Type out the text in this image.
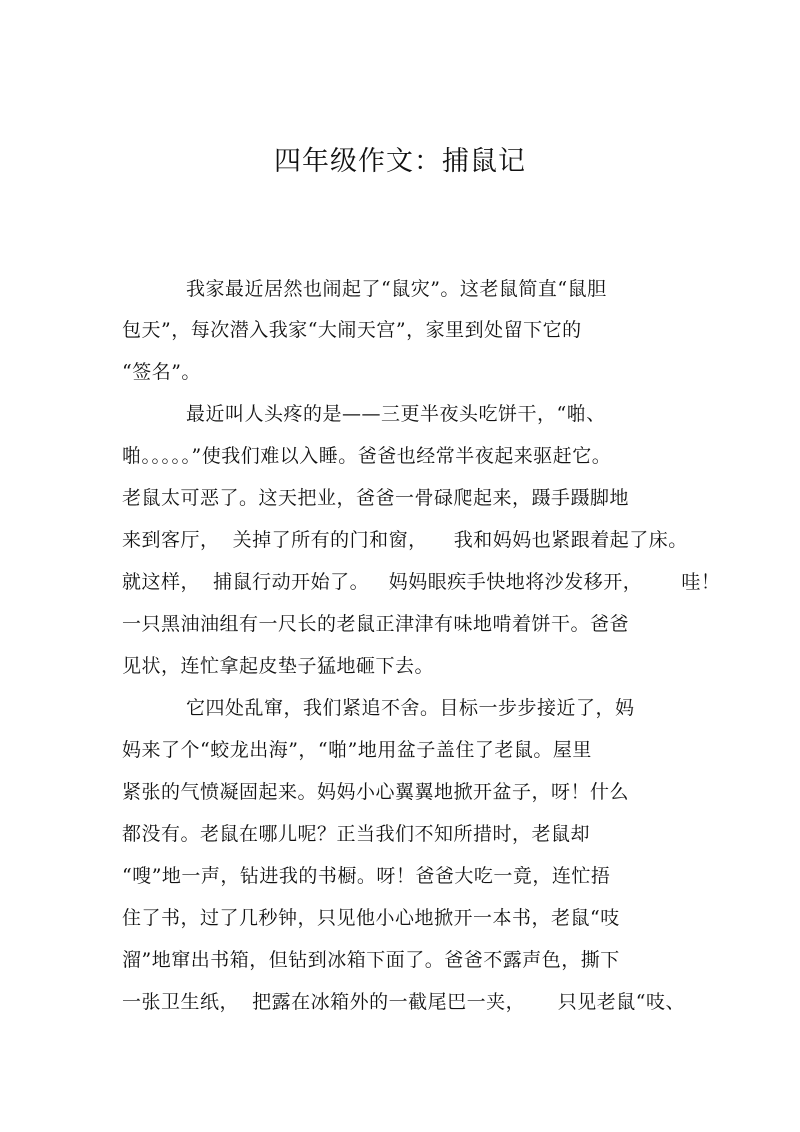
四年级作文：捕鼠记
我家最近居然也闹起了“鼠灾”。这老鼠简直“鼠胆
包天”，每次潜入我家“大闹天宫”，家里到处留下它的
“签名”。
最近叫人头疼的是——三更半夜头吃饼干，“啪、
啪。。。。。”使我们难以入睡。爸爸也经常半夜起来驱赶它。
老鼠太可恶了。这天把业，爸爸一骨碌爬起来，蹑手蹑脚地
来到客厅，  关掉了所有的门和窗，    我和妈妈也紧跟着起了床。
就这样，  捕鼠行动开始了。   妈妈眼疾手快地将沙发移开，      哇！
一只黑油油组有一尺长的老鼠正津津有味地啃着饼干。爸爸
见状，连忙拿起皮垫子猛地砸下去。
它四处乱窜，我们紧追不舍。目标一步步接近了，妈
妈来了个“蛟龙出海”，“啪”地用盆子盖住了老鼠。屋里
紧张的气愤凝固起来。妈妈小心翼翼地掀开盆子，呀！什么
都没有。老鼠在哪儿呢？正当我们不知所措时，老鼠却
“嗖”地一声，钻进我的书橱。呀！爸爸大吃一竟，连忙捂
住了书，过了几秒钟，只见他小心地掀开一本书，老鼠“吱
溜”地窜出书箱，但钻到冰箱下面了。爸爸不露声色，撕下
一张卫生纸，  把露在冰箱外的一截尾巴一夹，     只见老鼠“吱、
